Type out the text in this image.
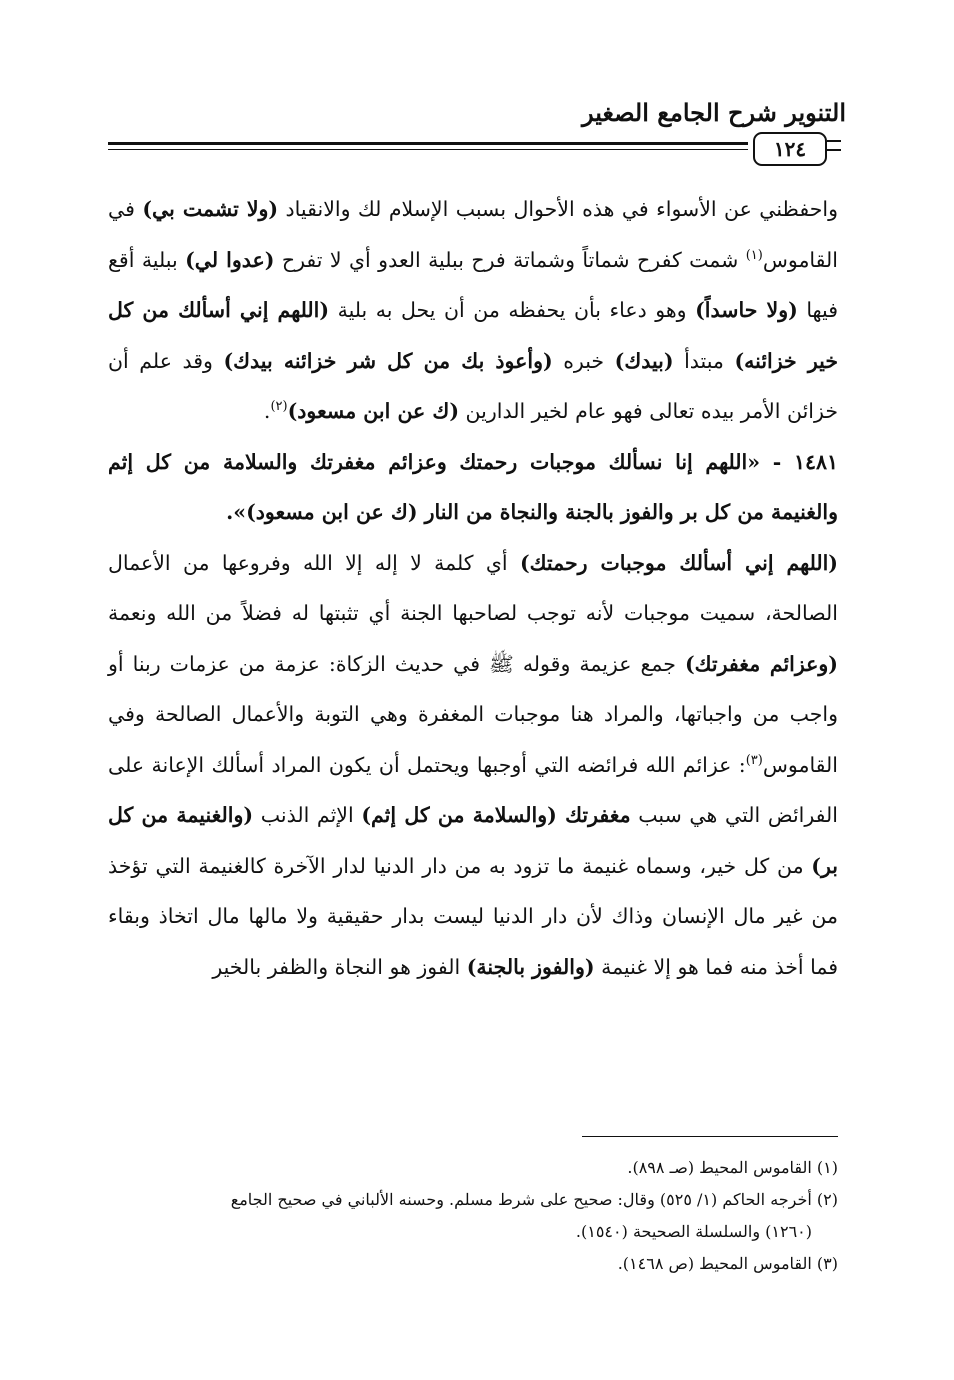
التنوير شرح الجامع الصغير
١٢٤

واحفظني عن الأسواء في هذه الأحوال بسبب الإسلام لك والانقياد (ولا تشمت بي) في القاموس$^{(١)}$ شمت كفرح شماتاً وشماتة فرح ببلية العدو أي لا تفرح (عدوا لي) ببلية أقع فيها (ولا حاسداً) وهو دعاء بأن يحفظه من أن يحل به بلية (اللهم إني أسألك من كل خير خزائنه) مبتدأ (بيدك) خبره (وأعوذ بك من كل شر خزائنه بيدك) وقد علم أن خزائن الأمر بيده تعالى فهو عام لخير الدارين (ك عن ابن مسعود)$^{(٢)}$.

١٤٨١ - «اللهم إنا نسألك موجبات رحمتك وعزائم مغفرتك والسلامة من كل إثم والغنيمة من كل بر والفوز بالجنة والنجاة من النار (ك عن ابن مسعود)».

(اللهم إني أسألك موجبات رحمتك) أي كلمة لا إله إلا الله وفروعها من الأعمال الصالحة، سميت موجبات لأنه توجب لصاحبها الجنة أي تثبتها له فضلاً من الله ونعمة (وعزائم مغفرتك) جمع عزيمة وقوله ﷺ في حديث الزكاة: عزمة من عزمات ربنا أو واجب من واجباتها، والمراد هنا موجبات المغفرة وهي التوبة والأعمال الصالحة وفي القاموس$^{(٣)}$: عزائم الله فرائضه التي أوجبها ويحتمل أن يكون المراد أسألك الإعانة على الفرائض التي هي سبب مغفرتك (والسلامة من كل إثم) الإثم الذنب (والغنيمة من كل بر) من كل خير، وسماه غنيمة ما تزود به من دار الدنيا لدار الآخرة كالغنيمة التي تؤخذ من غير مال الإنسان وذاك لأن دار الدنيا ليست بدار حقيقية ولا مالها مال اتخاذ وبقاء فما أخذ منه فما هو إلا غنيمة (والفوز بالجنة) الفوز هو النجاة والظفر بالخير

(١) القاموس المحيط (صـ ٨٩٨).

(٢) أخرجه الحاكم (١/ ٥٢٥) وقال: صحيح على شرط مسلم. وحسنه الألباني في صحيح الجامع

(١٢٦٠) والسلسلة الصحيحة (١٥٤٠).

(٣) القاموس المحيط (ص ١٤٦٨).
